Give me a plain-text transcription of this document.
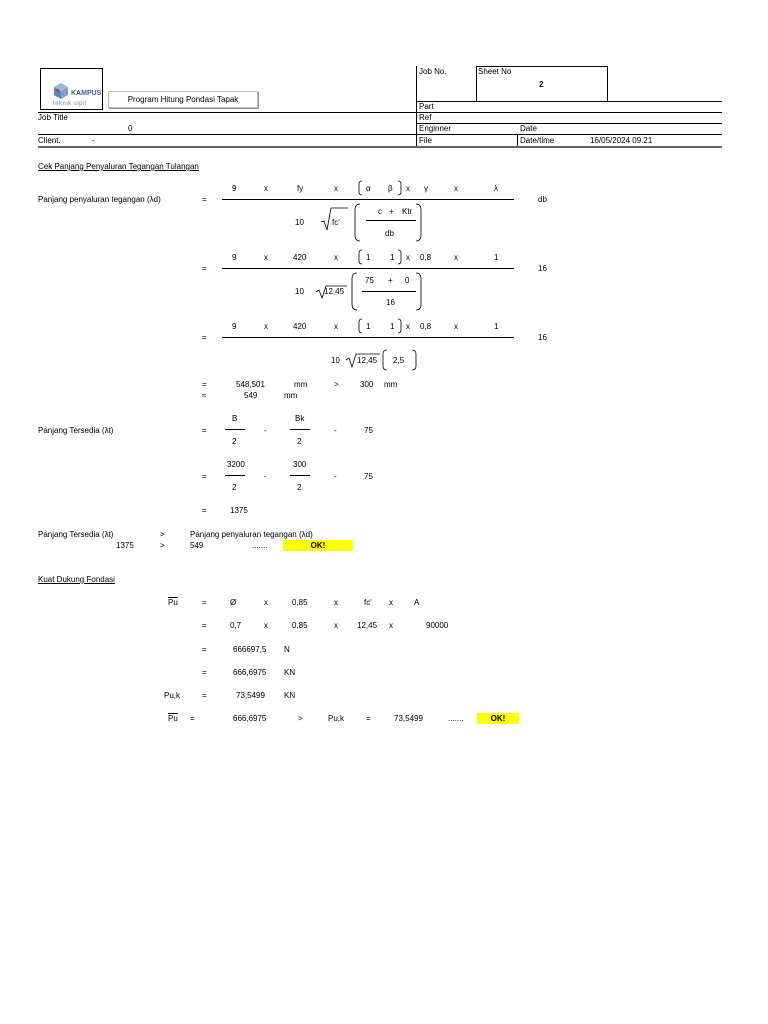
KAMPUS
teknik sipil	Program Hitung Pondasi Tapak
Job No.	Sheet No
2
Part
Job Title	Ref
0	Enginner	Date
Client.	-	File	Date/time	16/05/2024 09.21
Cek Panjang Penyaluran Tegangan Tulangan
Panjang penyaluran tegangan (λd)	=
9	x	fy	x	α β x γ	x	λ
10	fc'
c + Ktr
db
db
=
9	x	420	x	1 1 x 0,8	x	1
10	12,45
75 + 0
16
16
=
9	x	420	x	1 1 x 0,8	x	1
10 12,45 2,5
16
=	548,501	mm	>	300 mm
≈	549	mm
Panjang Tersedia (λt)	=
B
2
-
Bk
2
-	75
=
3200
2
-
300
2
-	75
=	1375
Panjang Tersedia (λt)	>	Panjang penyaluran tegangan (λd)
1375	>	549	.......	OK!
Kuat Dukung Fondasi
$\overline{Pu}$	=	Ø	x	0,85	x	fc' x	A
=	0,7	x	0,85	x 12,45 x	90000
=	666697,5 N
=	666,6975 KN
Pu,k	=	73,5499 KN
$\overline{Pu}$ =	666,6975	>	Pu,k	=	73,5499	.......	OK!
